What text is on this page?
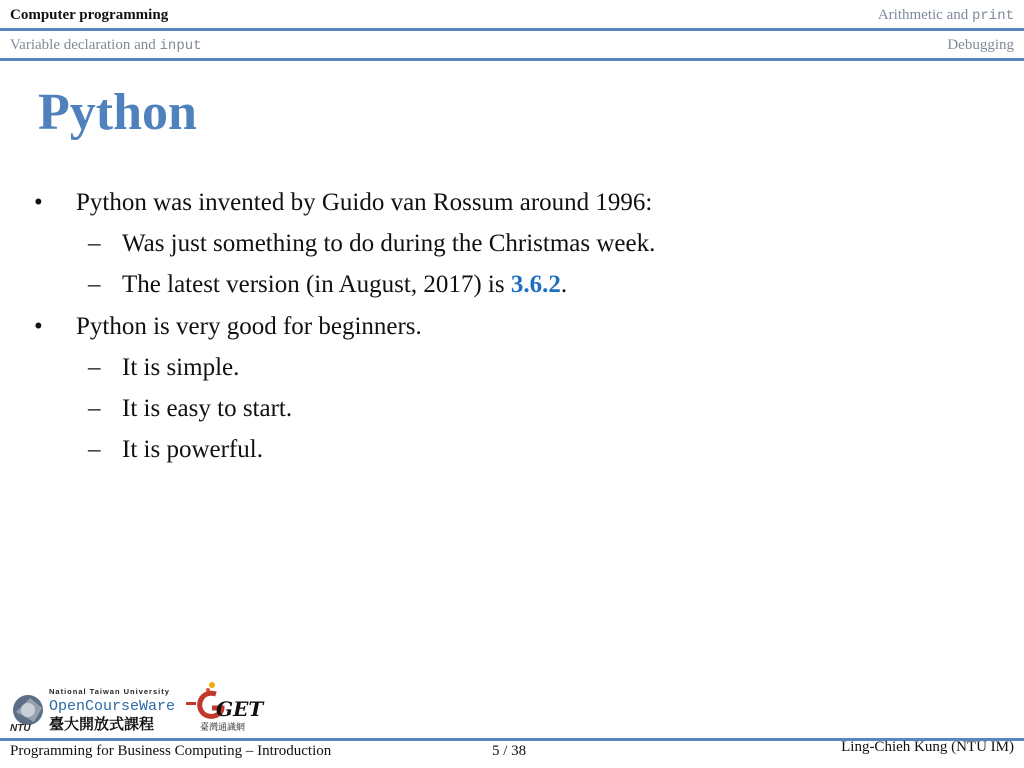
Computer programming	Arithmetic and print
Variable declaration and input	Debugging
Python
• Python was invented by Guido van Rossum around 1996:
– Was just something to do during the Christmas week.
– The latest version (in August, 2017) is 3.6.2.
• Python is very good for beginners.
– It is simple.
– It is easy to start.
– It is powerful.
NTU
National Taiwan University
OpenCourseWare
臺大開放式課程
GET
臺灣通識網
Programming for Business Computing – Introduction	5 / 38	Ling-Chieh Kung (NTU IM)
